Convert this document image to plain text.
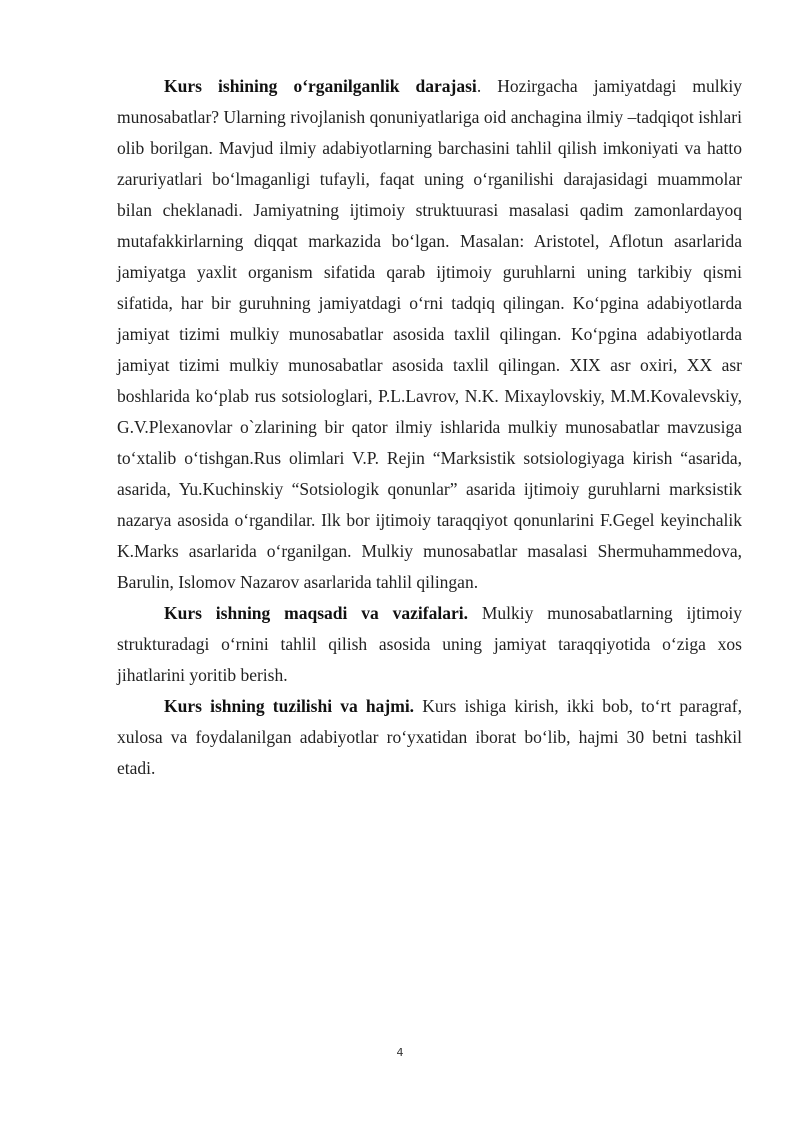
Kurs ishining o‘rganilganlik darajasi. Hozirgacha jamiyatdagi mulkiy munosabatlar? Ularning rivojlanish qonuniyatlariga oid anchagina ilmiy –tadqiqot ishlari olib borilgan. Mavjud ilmiy adabiyotlarning barchasini tahlil qilish imkoniyati va hatto zaruriyatlari bo‘lmaganligi tufayli, faqat uning o‘rganilishi darajasidagi muammolar bilan cheklanadi. Jamiyatning ijtimoiy struktuurasi masalasi qadim zamonlardayoq mutafakkirlarning diqqat markazida bo‘lgan. Masalan: Aristotel, Aflotun asarlarida jamiyatga yaxlit organism sifatida qarab ijtimoiy guruhlarni uning tarkibiy qismi sifatida, har bir guruhning jamiyatdagi o‘rni tadqiq qilingan. Ko‘pgina adabiyotlarda jamiyat tizimi mulkiy munosabatlar asosida taxlil qilingan. Ko‘pgina adabiyotlarda jamiyat tizimi mulkiy munosabatlar asosida taxlil qilingan. XIX asr oxiri, XX asr boshlarida ko‘plab rus sotsiologlari, P.L.Lavrov, N.K. Mixaylovskiy, M.M.Kovalevskiy, G.V.Plexanovlar o`zlarining bir qator ilmiy ishlarida mulkiy munosabatlar mavzusiga to‘xtalib o‘tishgan.Rus olimlari V.P. Rejin “Marksistik sotsiologiyaga kirish “asarida, asarida, Yu.Kuchinskiy “Sotsiologik qonunlar” asarida ijtimoiy guruhlarni marksistik nazarya asosida o‘rgandilar. Ilk bor ijtimoiy taraqqiyot qonunlarini F.Gegel keyinchalik K.Marks asarlarida o‘rganilgan. Mulkiy munosabatlar masalasi Shermuhammedova, Barulin, Islomov Nazarov asarlarida tahlil qilingan.

Kurs ishning maqsadi va vazifalari. Mulkiy munosabatlarning ijtimoiy strukturadagi o‘rnini tahlil qilish asosida uning jamiyat taraqqiyotida o‘ziga xos jihatlarini yoritib berish.

Kurs ishning tuzilishi va hajmi. Kurs ishiga kirish, ikki bob, to‘rt paragraf, xulosa va foydalanilgan adabiyotlar ro‘yxatidan iborat bo‘lib, hajmi 30 betni tashkil etadi.

4
